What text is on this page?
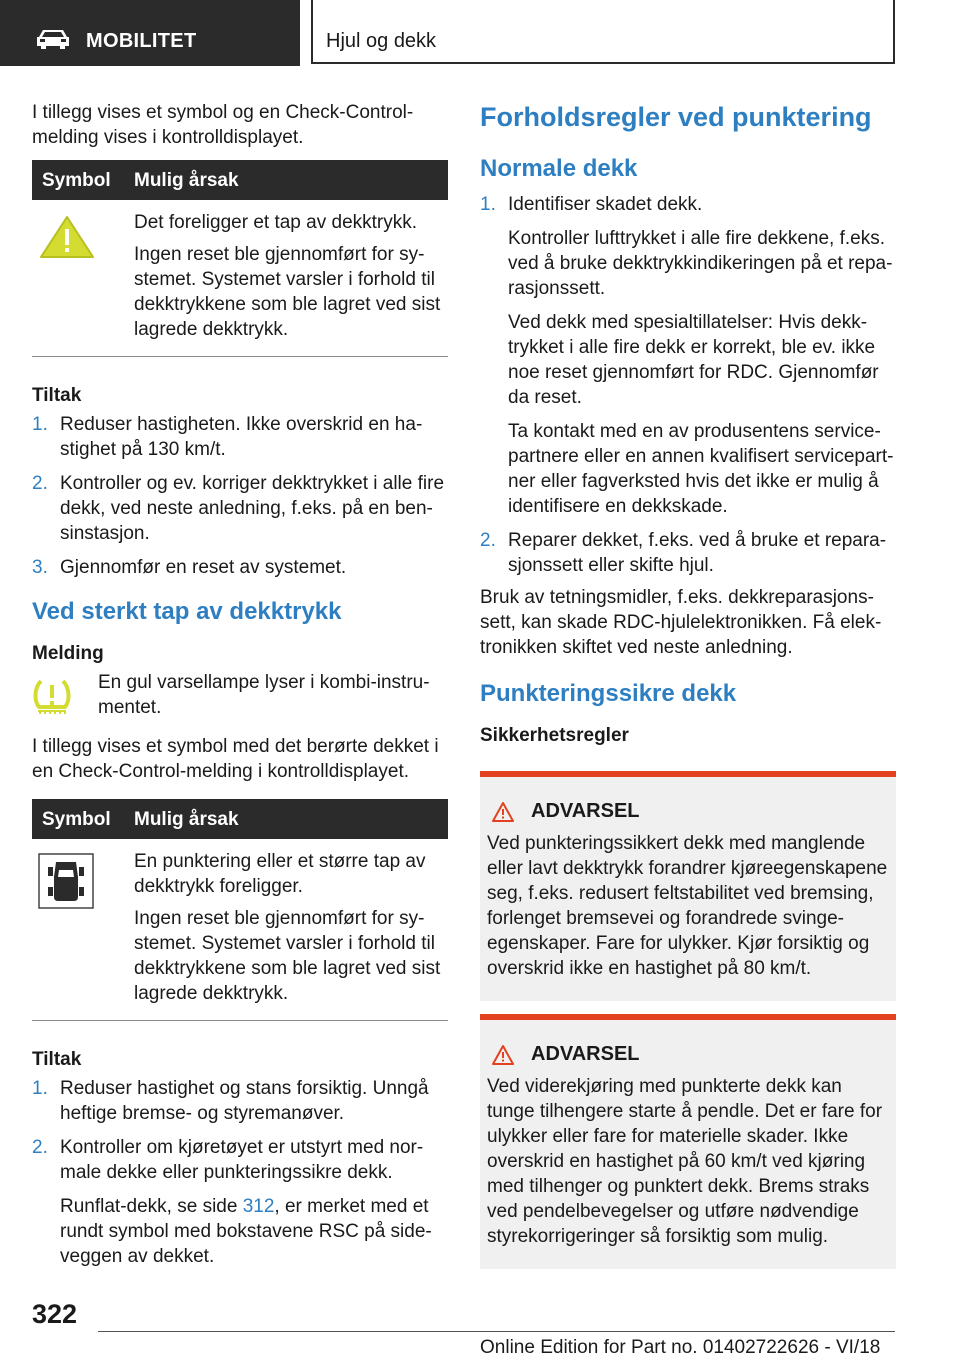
MOBILITET	Hjul og dekk

I tillegg vises et symbol og en Check-Control-melding vises i kontrolldisplayet.

Symbol	Mulig årsak

Det foreligger et tap av dekktrykk.

Ingen reset ble gjennomført for systemet. Systemet varsler i forhold til dekktrykkene som ble lagret ved sist lagrede dekktrykk.

Tiltak

1. Reduser hastigheten. Ikke overskrid en hastighet på 130 km/t.
2. Kontroller og ev. korriger dekktrykket i alle fire dekk, ved neste anledning, f.eks. på en bensinstasjon.
3. Gjennomfør en reset av systemet.
Ved sterkt tap av dekktrykk

Melding

En gul varsellampe lyser i kombi-instrumentet.

I tillegg vises et symbol med det berørte dekket i en Check-Control-melding i kontrolldisplayet.

Symbol	Mulig årsak

En punktering eller et større tap av dekktrykk foreligger.

Ingen reset ble gjennomført for systemet. Systemet varsler i forhold til dekktrykkene som ble lagret ved sist lagrede dekktrykk.

Tiltak

1. Reduser hastighet og stans forsiktig. Unngå heftige bremse- og styremanøver.
2. Kontroller om kjøretøyet er utstyrt med normale dekke eller punkteringssikre dekk.

Runflat-dekk, se side 312, er merket med et rundt symbol med bokstavene RSC på sideveggen av dekket.

Forholdsregler ved punktering
Normale dekk
1. Identifiser skadet dekk.

Kontroller lufttrykket i alle fire dekkene, f.eks. ved å bruke dekktrykkindikeringen på et reparasjonssett.

Ved dekk med spesialtillatelser: Hvis dekktrykket i alle fire dekk er korrekt, ble ev. ikke noe reset gjennomført for RDC. Gjennomfør da reset.

Ta kontakt med en av produsentens servicepartnere eller en annen kvalifisert servicepartner eller fagverksted hvis det ikke er mulig å identifisere en dekkskade.

2. Reparer dekket, f.eks. ved å bruke et reparasjonssett eller skifte hjul.

Bruk av tetningsmidler, f.eks. dekkreparasjonssett, kan skade RDC-hjulelektronikken. Få elektronikken skiftet ved neste anledning.

Punkteringssikre dekk

Sikkerhetsregler

ADVARSEL

Ved punkteringssikkert dekk med manglende eller lavt dekktrykk forandrer kjøreegenskapene seg, f.eks. redusert feltstabilitet ved bremsing, forlenget bremsevei og forandrede svingeegenskaper. Fare for ulykker. Kjør forsiktig og overskrid ikke en hastighet på 80 km/t.

ADVARSEL

Ved viderekjøring med punkterte dekk kan tunge tilhengere starte å pendle. Det er fare for ulykker eller fare for materielle skader. Ikke overskrid en hastighet på 60 km/t ved kjøring med tilhenger og punktert dekk. Brems straks ved pendelbevegelser og utføre nødvendige styrekorrigeringer så forsiktig som mulig.

322
Online Edition for Part no. 01402722626 - VI/18
